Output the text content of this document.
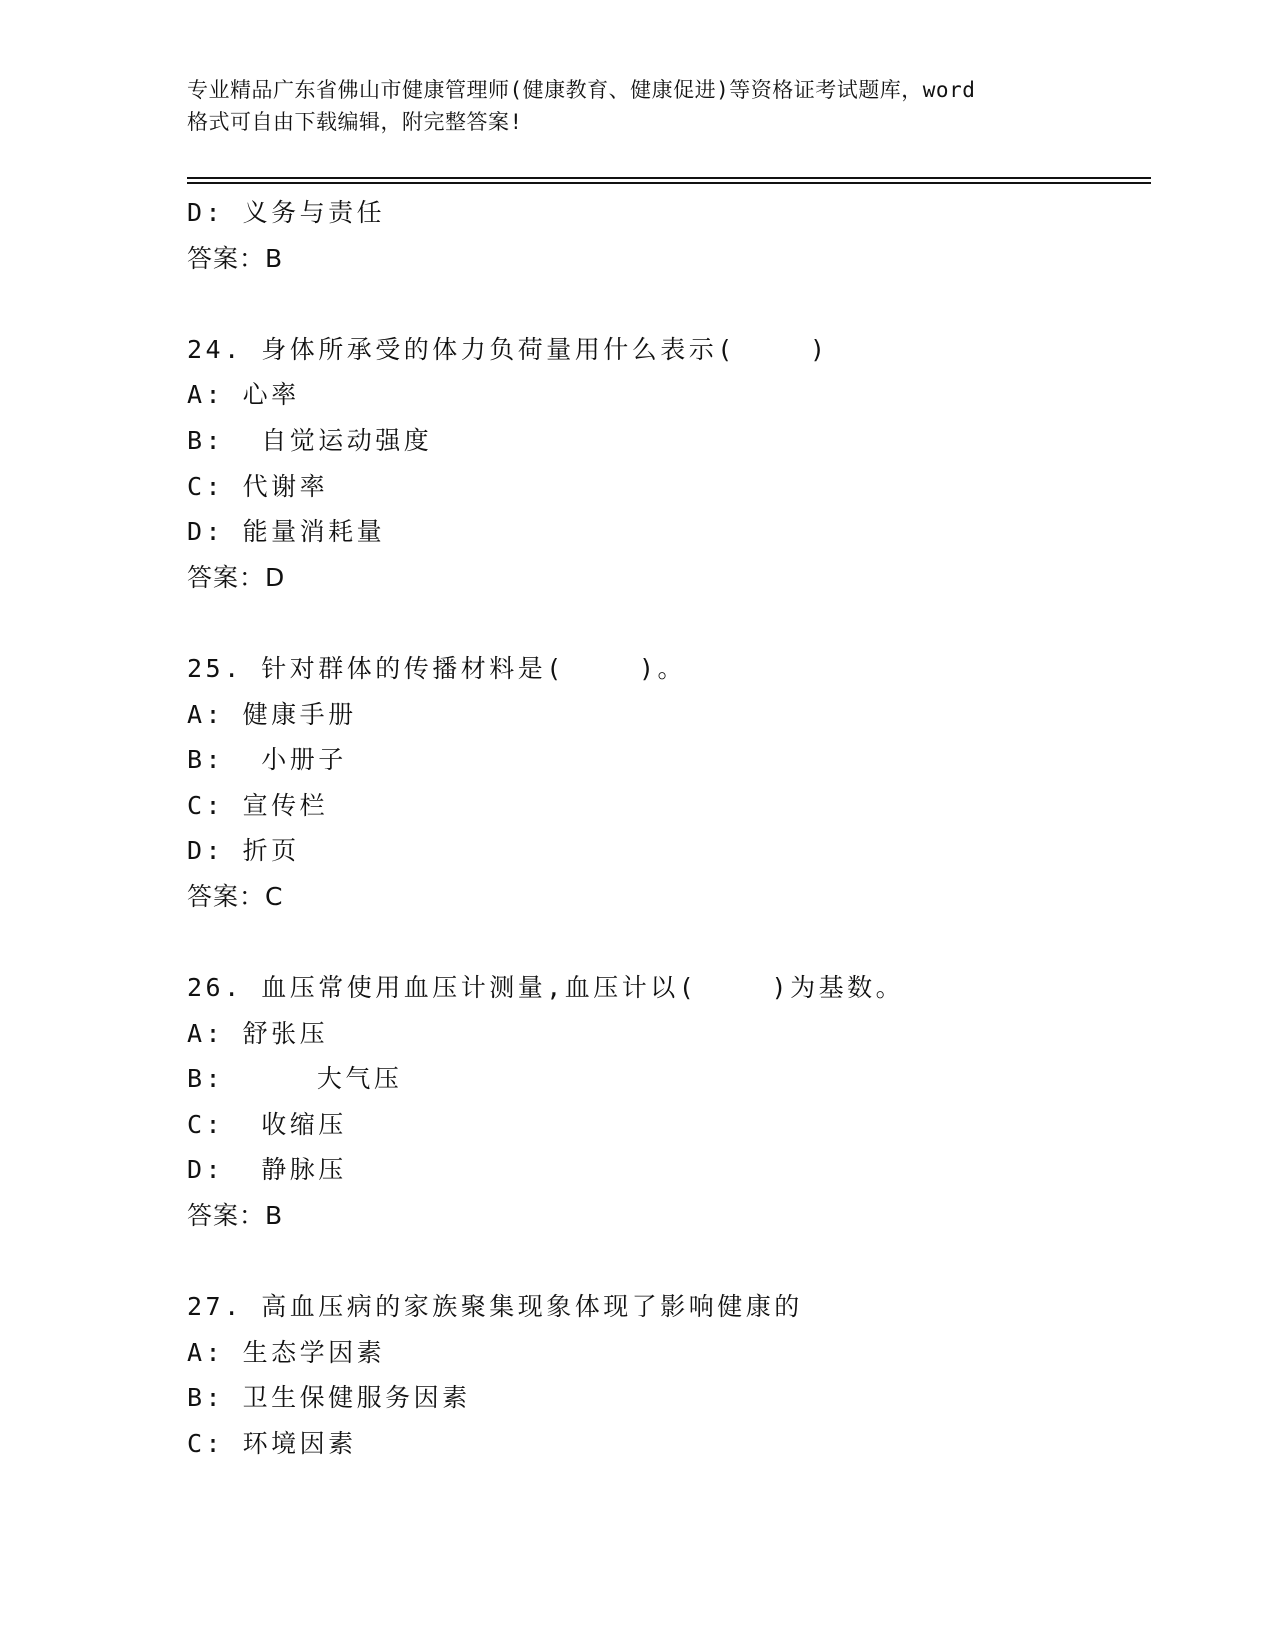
专业精品广东省佛山市健康管理师(健康教育、健康促进)等资格证考试题库，word
格式可自由下载编辑，附完整答案!

D: 义务与责任

答案：B

24. 身体所承受的体力负荷量用什么表示(    )

A: 心率

B:  自觉运动强度

C: 代谢率

D: 能量消耗量

答案：D

25. 针对群体的传播材料是(    )。

A: 健康手册

B:  小册子

C: 宣传栏

D: 折页

答案：C

26. 血压常使用血压计测量,血压计以(    )为基数。

A: 舒张压

B:     大气压

C:  收缩压

D:  静脉压

答案：B

27. 高血压病的家族聚集现象体现了影响健康的

A: 生态学因素

B: 卫生保健服务因素

C: 环境因素
